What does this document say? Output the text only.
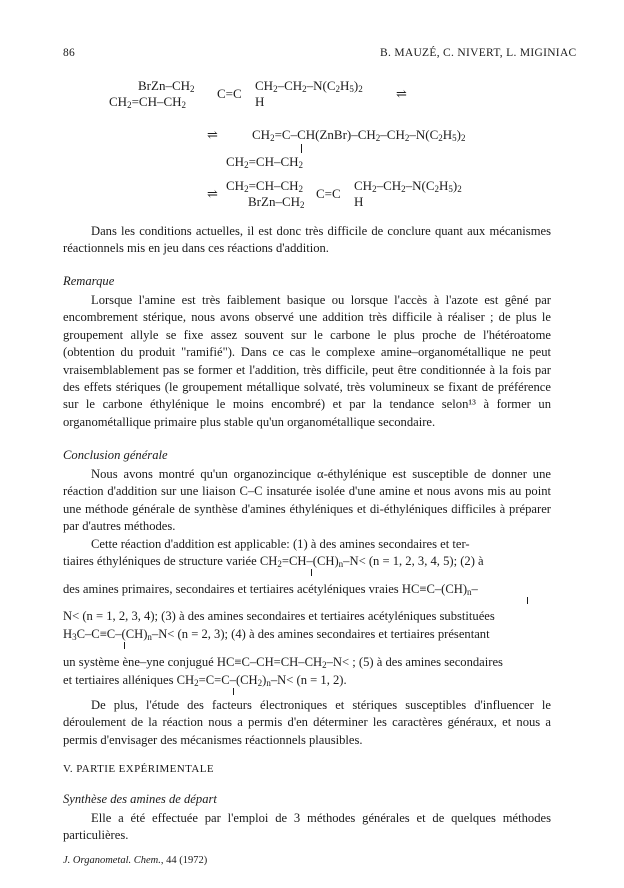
86	B. MAUZÉ, C. NIVERT, L. MIGINIAC
BrZn–$CH_2$
$CH_2=CH-CH_2$
C=C
$CH_2-CH_2-N(C_2H_5)_2$
H
⇌
⇌	$CH_2=C-CH(ZnBr)-CH_2-CH_2-N(C_2H_5)_2$
$CH_2=CH-CH_2$
⇌
$CH_2=CH-CH_2$
BrZn–$CH_2$
C=C
$CH_2-CH_2-N(C_2H_5)_2$
H

Dans les conditions actuelles, il est donc très difficile de conclure quant aux mécanismes réactionnels mis en jeu dans ces réactions d'addition.

Remarque

Lorsque l'amine est très faiblement basique ou lorsque l'accès à l'azote est gêné par encombrement stérique, nous avons observé une addition très difficile à réaliser ; de plus le groupement allyle se fixe assez souvent sur le carbone le plus proche de l'hétéroatome (obtention du produit "ramifié"). Dans ce cas le complexe amine–organométallique ne peut vraisemblablement pas se former et l'addition, très difficile, peut être conditionnée à la fois par des effets stériques (le groupement métallique solvaté, très volumineux se fixant de préférence sur le carbone éthylénique le moins encombré) et par la tendance selon¹³ à former un organométallique primaire plus stable qu'un organométallique secondaire.

Conclusion générale

Nous avons montré qu'un organozincique α-éthylénique est susceptible de donner une réaction d'addition sur une liaison C–C insaturée isolée d'une amine et nous avons mis au point une méthode générale de synthèse d'amines éthyléniques et di-éthyléniques difficiles à préparer par d'autres méthodes.

Cette réaction d'addition est applicable: (1) à des amines secondaires et ter-
tiaires éthyléniques de structure variée $CH_2=CH-(CH)_n-N< (n = 1$, 2, 3, 4, 5); (2) à
des amines primaires, secondaires et tertiaires acétyléniques vraies $HC\equiv C-(CH)_n-$
N< (n = 1, 2, 3, 4); (3) à des amines secondaires et tertiaires acétyléniques substituées
$H_3C-C\equiv C-(CH)_n-N< (n = 2$, 3); (4) à des amines secondaires et tertiaires présentant
un système ène–yne conjugué $HC\equiv C-CH=CH-CH_2-N<$ ; (5) à des amines secondaires
et tertiaires alléniques $CH_2=C=C-(CH_2)_n-N< (n = 1$, 2).

De plus, l'étude des facteurs électroniques et stériques susceptibles d'influencer le déroulement de la réaction nous a permis d'en déterminer les caractères généraux, et nous a permis d'envisager des mécanismes réactionnels plausibles.

V. PARTIE EXPÉRIMENTALE
Synthèse des amines de départ

Elle a été effectuée par l'emploi de 3 méthodes générales et de quelques méthodes particulières.

J. Organometal. Chem., 44 (1972)
